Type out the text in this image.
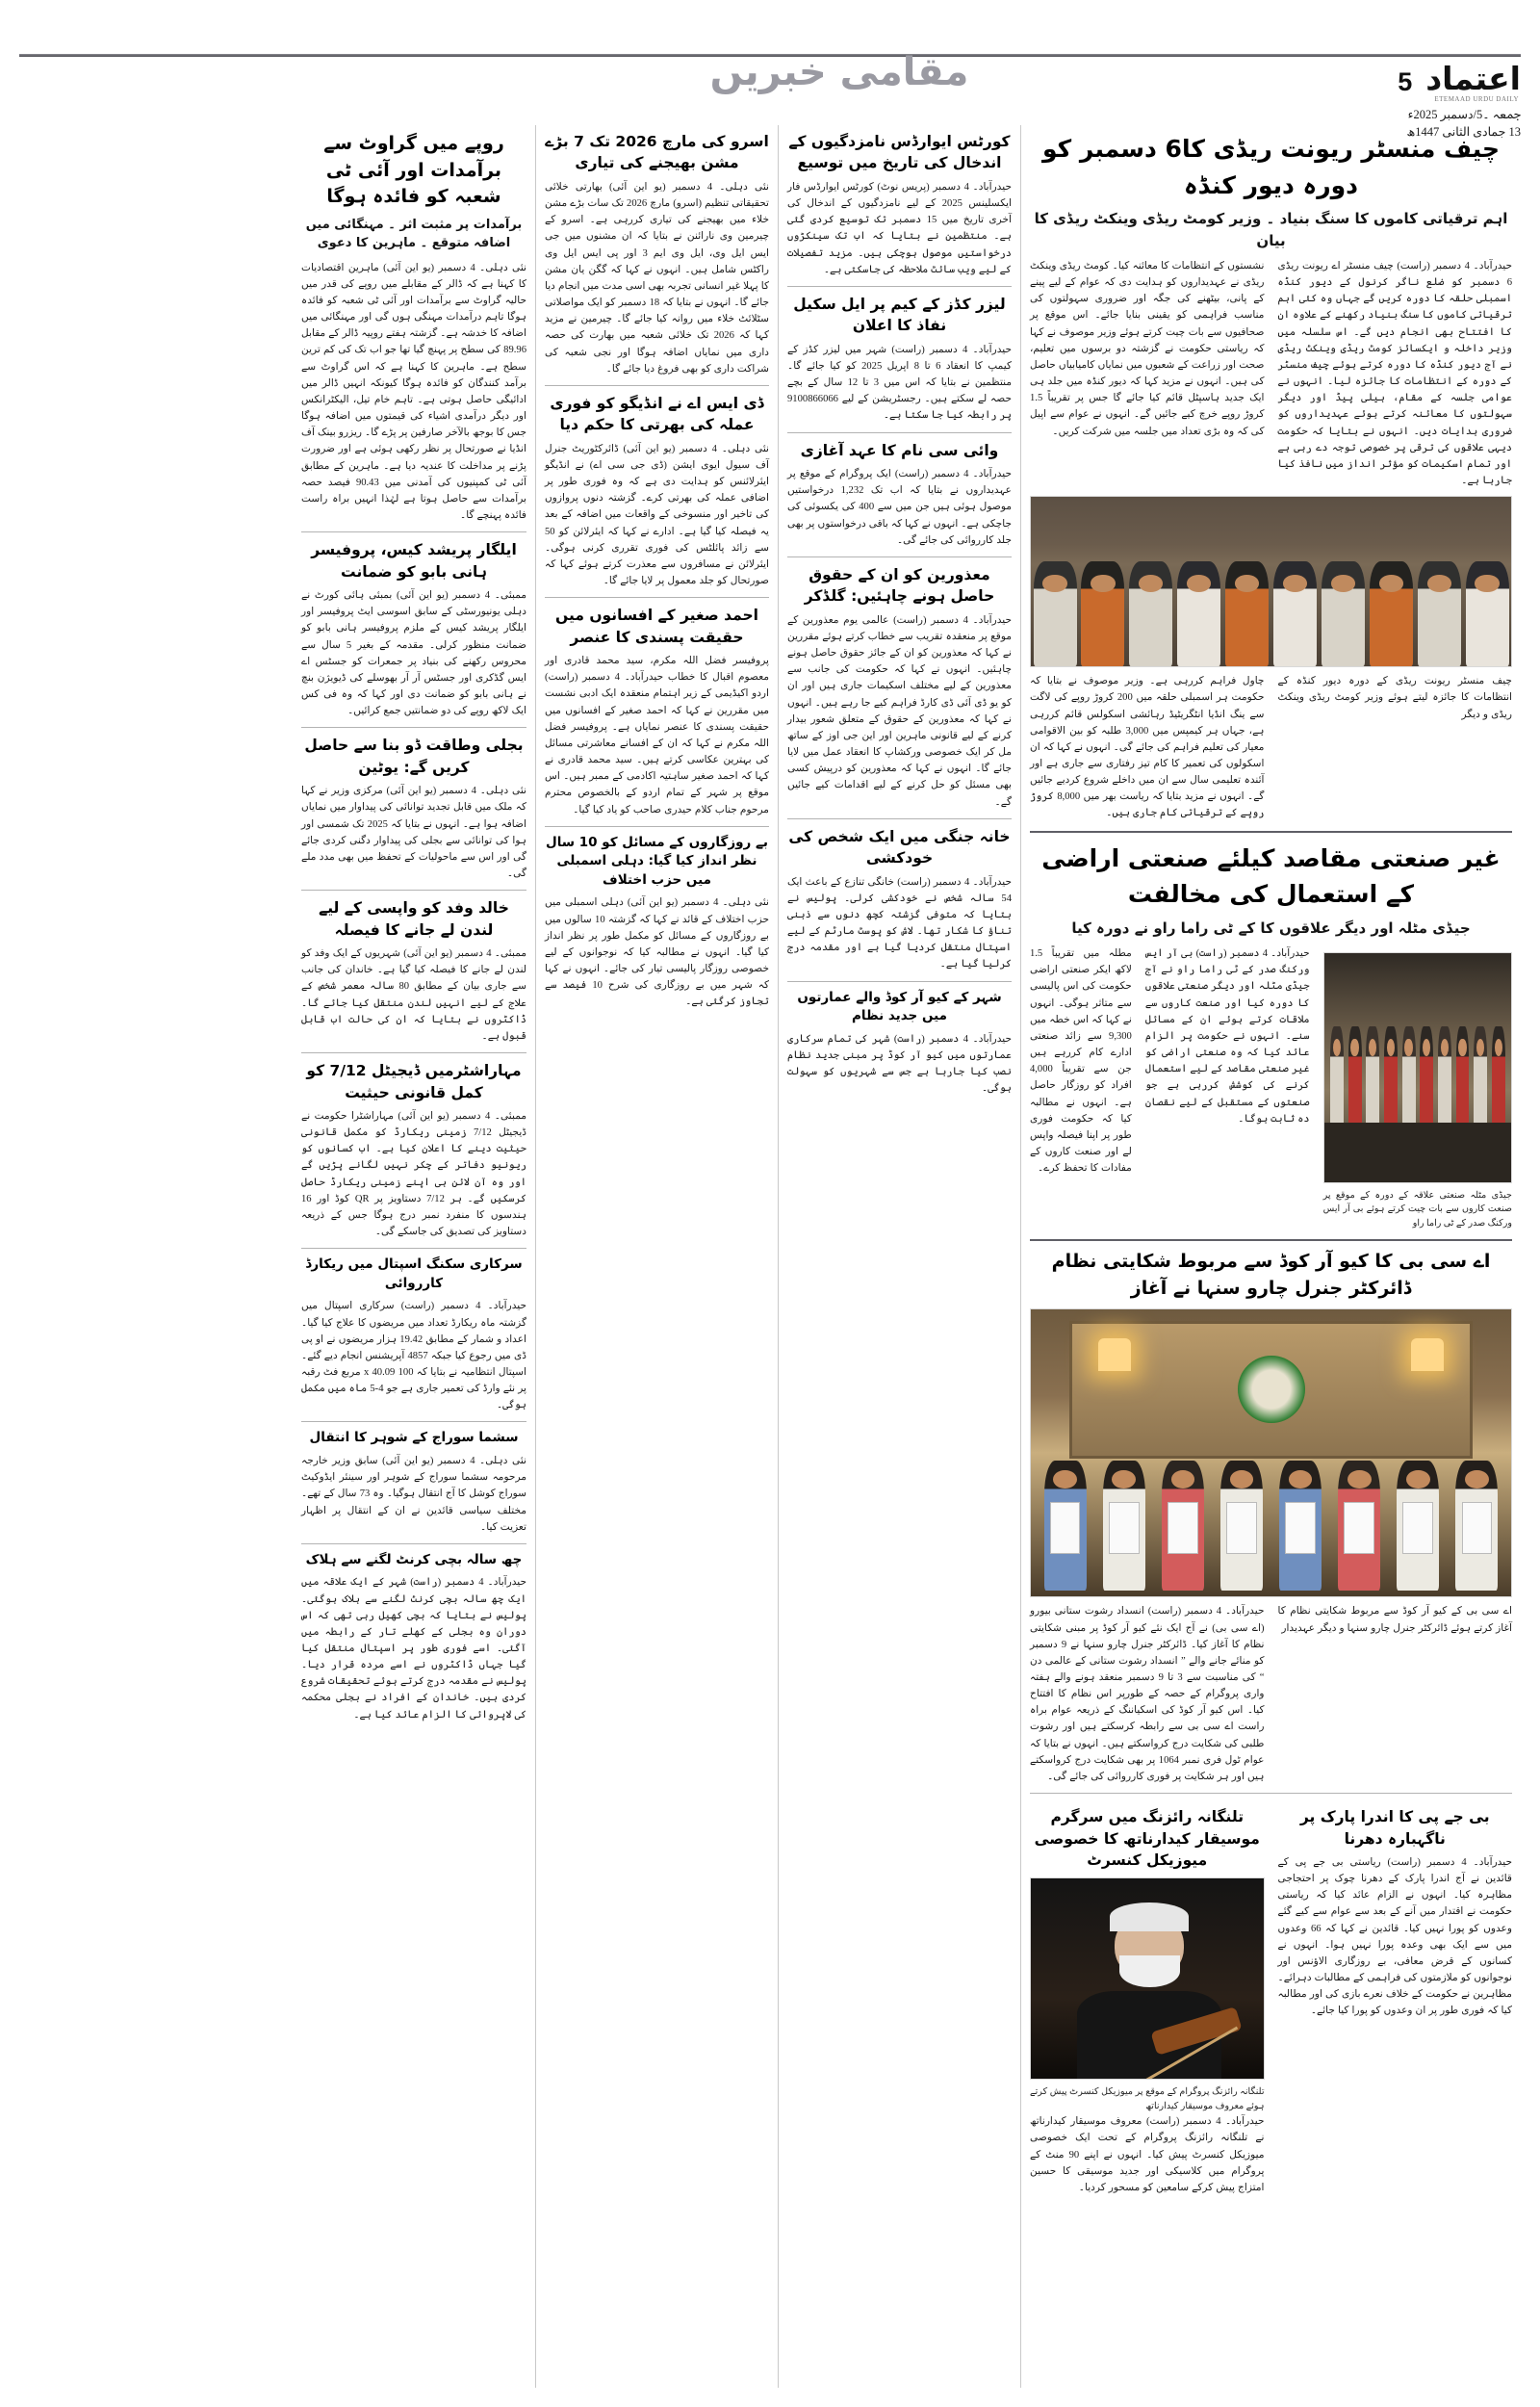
اعتماد
5
ETEMAAD URDU DAILY
جمعہ ۔5/دسمبر 2025ء
13 جمادی الثانی 1447ھ
مقامی خبریں
چیف منسٹر ریونت ریڈی کا6 دسمبر کو دورہ دیور کنڈہ
اہم ترقیاتی کاموں کا سنگ بنیاد ۔ وزیر کومٹ ریڈی وینکٹ ریڈی کا بیان
حیدرآباد۔ 4 دسمبر (راست) چیف منسٹر اے ریونت ریڈی 6 دسمبر کو ضلع ناگر کرنول کے دیور کنڈہ اسمبلی حلقہ کا دورہ کریں گے جہاں وہ کئی اہم ترقیاتی کاموں کا سنگ بنیاد رکھنے کے علاوہ ان کا افتتاح بھی انجام دیں گے۔ اس سلسلہ میں وزیر داخلہ و ایکسائز کومٹ ریڈی وینکٹ ریڈی نے آج دیور کنڈہ کا دورہ کرتے ہوئے چیف منسٹر کے دورہ کے انتظامات کا جائزہ لیا۔ انہوں نے عوامی جلسہ کے مقام، ہیلی پیڈ اور دیگر سہولتوں کا معائنہ کرتے ہوئے عہدیداروں کو ضروری ہدایات دیں۔ انہوں نے بتایا کہ حکومت دیہی علاقوں کی ترقی پر خصوصی توجہ دے رہی ہے اور تمام اسکیمات کو مؤثر انداز میں نافذ کیا جارہا ہے۔
نشستوں کے انتظامات کا معائنہ کیا۔ کومٹ ریڈی وینکٹ ریڈی نے عہدیداروں کو ہدایت دی کہ عوام کے لیے پینے کے پانی، بیٹھنے کی جگہ اور ضروری سہولتوں کی مناسب فراہمی کو یقینی بنایا جائے۔ اس موقع پر صحافیوں سے بات چیت کرتے ہوئے وزیر موصوف نے کہا کہ ریاستی حکومت نے گزشتہ دو برسوں میں تعلیم، صحت اور زراعت کے شعبوں میں نمایاں کامیابیاں حاصل کی ہیں۔ انہوں نے مزید کہا کہ دیور کنڈہ میں جلد ہی ایک جدید ہاسپٹل قائم کیا جائے گا جس پر تقریباً 1.5 کروڑ روپے خرچ کیے جائیں گے۔ انہوں نے عوام سے اپیل کی کہ وہ بڑی تعداد میں جلسہ میں شرکت کریں۔
چیف منسٹر ریونت ریڈی کے دورہ دیور کنڈہ کے انتظامات کا جائزہ لیتے ہوئے وزیر کومٹ ریڈی وینکٹ ریڈی و دیگر
چاول فراہم کررہی ہے۔ وزیر موصوف نے بتایا کہ حکومت ہر اسمبلی حلقہ میں 200 کروڑ روپے کی لاگت سے ینگ انڈیا انٹگریٹیڈ رہائشی اسکولس قائم کررہی ہے، جہاں ہر کیمپس میں 3,000 طلبہ کو بین الاقوامی معیار کی تعلیم فراہم کی جائے گی۔ انہوں نے کہا کہ ان اسکولوں کی تعمیر کا کام تیز رفتاری سے جاری ہے اور آئندہ تعلیمی سال سے ان میں داخلے شروع کردیے جائیں گے۔ انہوں نے مزید بتایا کہ ریاست بھر میں 8,000 کروڑ روپے کے ترقیاتی کام جاری ہیں۔
غیر صنعتی مقاصد کیلئے صنعتی اراضی کے استعمال کی مخالفت
جیڈی مٹلہ اور دیگر علاقوں کا کے ٹی راما راو نے دورہ کیا
جیڈی مٹلہ صنعتی علاقہ کے دورہ کے موقع پر صنعت کاروں سے بات چیت کرتے ہوئے بی آر ایس ورکنگ صدر کے ٹی راما راو
حیدرآباد۔ 4 دسمبر (راست) بی آر ایس ورکنگ صدر کے ٹی راما راو نے آج جیڈی مٹلہ اور دیگر صنعتی علاقوں کا دورہ کیا اور صنعت کاروں سے ملاقات کرتے ہوئے ان کے مسائل سنے۔ انہوں نے حکومت پر الزام عائد کیا کہ وہ صنعتی اراضی کو غیر صنعتی مقاصد کے لیے استعمال کرنے کی کوشش کررہی ہے جو صنعتوں کے مستقبل کے لیے نقصان دہ ثابت ہوگا۔
مطلہ میں تقریباً 1.5 لاکھ ایکر صنعتی اراضی حکومت کی اس پالیسی سے متاثر ہوگی۔ انہوں نے کہا کہ اس خطہ میں 9,300 سے زائد صنعتی ادارے کام کررہے ہیں جن سے تقریباً 4,000 افراد کو روزگار حاصل ہے۔ انہوں نے مطالبہ کیا کہ حکومت فوری طور پر اپنا فیصلہ واپس لے اور صنعت کاروں کے مفادات کا تحفظ کرے۔
اے سی بی کا کیو آر کوڈ سے مربوط شکایتی نظام ڈائرکٹر جنرل چارو سنہا نے آغاز
اے سی بی کے کیو آر کوڈ سے مربوط شکایتی نظام کا آغاز کرتے ہوئے ڈائرکٹر جنرل چارو سنہا و دیگر عہدیدار
حیدرآباد۔ 4 دسمبر (راست) انسداد رشوت ستانی بیورو (اے سی بی) نے آج ایک نئے کیو آر کوڈ پر مبنی شکایتی نظام کا آغاز کیا۔ ڈائرکٹر جنرل چارو سنہا نے 9 دسمبر کو منائے جانے والے ” انسداد رشوت ستانی کے عالمی دن “ کی مناسبت سے 3 تا 9 دسمبر منعقد ہونے والے ہفتہ واری پروگرام کے حصہ کے طورپر اس نظام کا افتتاح کیا۔ اس کیو آر کوڈ کی اسکیاننگ کے ذریعہ عوام براہ راست اے سی بی سے رابطہ کرسکتے ہیں اور رشوت طلبی کی شکایت درج کرواسکتے ہیں۔ انہوں نے بتایا کہ عوام ٹول فری نمبر 1064 پر بھی شکایت درج کرواسکتے ہیں اور ہر شکایت پر فوری کارروائی کی جائے گی۔
بی جے پی کا اندرا پارک پر ناگہبارہ دھرنا
حیدرآباد۔ 4 دسمبر (راست) ریاستی بی جے پی کے قائدین نے آج اندرا پارک کے دھرنا چوک پر احتجاجی مظاہرہ کیا۔ انہوں نے الزام عائد کیا کہ ریاستی حکومت نے اقتدار میں آنے کے بعد سے عوام سے کیے گئے وعدوں کو پورا نہیں کیا۔ قائدین نے کہا کہ 66 وعدوں میں سے ایک بھی وعدہ پورا نہیں ہوا۔ انہوں نے کسانوں کے قرض معافی، بے روزگاری الاؤنس اور نوجوانوں کو ملازمتوں کی فراہمی کے مطالبات دہرائے۔ مظاہرین نے حکومت کے خلاف نعرے بازی کی اور مطالبہ کیا کہ فوری طور پر ان وعدوں کو پورا کیا جائے۔
تلنگانہ رائزنگ میں سرگرم موسیقار کیدارناتھ کا خصوصی میوزیکل کنسرٹ
تلنگانہ رائزنگ پروگرام کے موقع پر میوزیکل کنسرٹ پیش کرتے ہوئے معروف موسیقار کیدارناتھ
حیدرآباد۔ 4 دسمبر (راست) معروف موسیقار کیدارناتھ نے تلنگانہ رائزنگ پروگرام کے تحت ایک خصوصی میوزیکل کنسرٹ پیش کیا۔ انہوں نے اپنے 90 منٹ کے پروگرام میں کلاسیکی اور جدید موسیقی کا حسین امتزاج پیش کرکے سامعین کو مسحور کردیا۔
کورٹس ایوارڈس نامزدگیوں کے اندخال کی تاریخ میں توسیع
حیدرآباد۔ 4 دسمبر (پریس نوٹ) کورٹس ایوارڈس فار ایکسلینس 2025 کے لیے نامزدگیوں کے اندخال کی آخری تاریخ میں 15 دسمبر تک توسیع کردی گئی ہے۔ منتظمین نے بتایا کہ اب تک سینکڑوں درخواستیں موصول ہوچکی ہیں۔ مزید تفصیلات کے لیے ویب سائٹ ملاحظہ کی جاسکتی ہے۔
لیزر کڈز کے کیم پر ایل سکیل نفاذ کا اعلان
حیدرآباد۔ 4 دسمبر (راست) شہر میں لیزر کڈز کے کیمپ کا انعقاد 6 تا 8 اپریل 2025 کو کیا جائے گا۔ منتظمین نے بتایا کہ اس میں 3 تا 12 سال کے بچے حصہ لے سکتے ہیں۔ رجسٹریشن کے لیے 9100866066 پر رابطہ کیا جا سکتا ہے۔
وائی سی نام کا عہد آغازی
حیدرآباد۔ 4 دسمبر (راست) ایک پروگرام کے موقع پر عہدیداروں نے بتایا کہ اب تک 1,232 درخواستیں موصول ہوئی ہیں جن میں سے 400 کی یکسوئی کی جاچکی ہے۔ انہوں نے کہا کہ باقی درخواستوں پر بھی جلد کارروائی کی جائے گی۔
معذورین کو ان کے حقوق حاصل ہونے چاہئیں: گلڈکر
حیدرآباد۔ 4 دسمبر (راست) عالمی یوم معذورین کے موقع پر منعقدہ تقریب سے خطاب کرتے ہوئے مقررین نے کہا کہ معذورین کو ان کے جائز حقوق حاصل ہونے چاہئیں۔ انہوں نے کہا کہ حکومت کی جانب سے معذورین کے لیے مختلف اسکیمات جاری ہیں اور ان کو یو ڈی آئی ڈی کارڈ فراہم کیے جا رہے ہیں۔ انہوں نے کہا کہ معذورین کے حقوق کے متعلق شعور بیدار کرنے کے لیے قانونی ماہرین اور این جی اوز کے ساتھ مل کر ایک خصوصی ورکشاپ کا انعقاد عمل میں لایا جائے گا۔ انہوں نے کہا کہ معذورین کو درپیش کسی بھی مسئل کو حل کرنے کے لیے اقدامات کیے جائیں گے۔
خانہ جنگی میں ایک شخص کی خودکشی
حیدرآباد۔ 4 دسمبر (راست) خانگی تنازع کے باعث ایک 54 سالہ شخص نے خودکشی کرلی۔ پولیس نے بتایا کہ متوفی گزشتہ کچھ دنوں سے ذہنی تناؤ کا شکار تھا۔ لاش کو پوسٹ مارٹم کے لیے اسپتال منتقل کردیا گیا ہے اور مقدمہ درج کرلیا گیا ہے۔
شہر کے کیو آر کوڈ والے عمارتوں میں جدید نظام
حیدرآباد۔ 4 دسمبر (راست) شہر کی تمام سرکاری عمارتوں میں کیو آر کوڈ پر مبنی جدید نظام نصب کیا جارہا ہے جس سے شہریوں کو سہولت ہوگی۔
اسرو کی مارچ 2026 تک 7 بڑے مشن بھیجنے کی تیاری
نئی دہلی۔ 4 دسمبر (یو این آئی) بھارتی خلائی تحقیقاتی تنظیم (اسرو) مارچ 2026 تک سات بڑے مشن خلاء میں بھیجنے کی تیاری کررہی ہے۔ اسرو کے چیرمین وی نارائنن نے بتایا کہ ان مشنوں میں جی ایس ایل وی، ایل وی ایم 3 اور پی ایس ایل وی راکٹس شامل ہیں۔ انہوں نے کہا کہ گگن یان مشن کا پہلا غیر انسانی تجربہ بھی اسی مدت میں انجام دیا جائے گا۔ انہوں نے بتایا کہ 18 دسمبر کو ایک مواصلاتی سٹلائٹ خلاء میں روانہ کیا جائے گا۔ چیرمین نے مزید کہا کہ 2026 تک خلائی شعبہ میں بھارت کی حصہ داری میں نمایاں اضافہ ہوگا اور نجی شعبہ کی شراکت داری کو بھی فروغ دیا جائے گا۔
ڈی ایس اے نے انڈیگو کو فوری عملہ کی بھرتی کا حکم دیا
نئی دہلی۔ 4 دسمبر (یو این آئی) ڈائرکٹوریٹ جنرل آف سیول ایوی ایشن (ڈی جی سی اے) نے انڈیگو ایئرلائنس کو ہدایت دی ہے کہ وہ فوری طور پر اضافی عملہ کی بھرتی کرے۔ گزشتہ دنوں پروازوں کی تاخیر اور منسوخی کے واقعات میں اضافہ کے بعد یہ فیصلہ کیا گیا ہے۔ ادارے نے کہا کہ ایئرلائن کو 50 سے زائد پائلٹس کی فوری تقرری کرنی ہوگی۔ ایئرلائن نے مسافروں سے معذرت کرتے ہوئے کہا کہ صورتحال کو جلد معمول پر لایا جائے گا۔
احمد صغیر کے افسانوں میں حقیقت پسندی کا عنصر
پروفیسر فضل اللہ مکرم، سید محمد قادری اور معصوم اقبال کا خطاب حیدرآباد۔ 4 دسمبر (راست) اردو اکیڈیمی کے زیر اہتمام منعقدہ ایک ادبی نشست میں مقررین نے کہا کہ احمد صغیر کے افسانوں میں حقیقت پسندی کا عنصر نمایاں ہے۔ پروفیسر فضل اللہ مکرم نے کہا کہ ان کے افسانے معاشرتی مسائل کی بہترین عکاسی کرتے ہیں۔ سید محمد قادری نے کہا کہ احمد صغیر ساہتیہ اکادمی کے ممبر ہیں۔ اس موقع پر شہر کے تمام اردو کے بالخصوص محترم مرحوم جناب کلام حیدری صاحب کو یاد کیا گیا۔
بے روزگاروں کے مسائل کو 10 سال نظر انداز کیا گیا: دہلی اسمبلی میں حزب اختلاف
نئی دہلی۔ 4 دسمبر (یو این آئی) دہلی اسمبلی میں حزب اختلاف کے قائد نے کہا کہ گزشتہ 10 سالوں میں بے روزگاروں کے مسائل کو مکمل طور پر نظر انداز کیا گیا۔ انہوں نے مطالبہ کیا کہ نوجوانوں کے لیے خصوصی روزگار پالیسی تیار کی جائے۔ انہوں نے کہا کہ شہر میں بے روزگاری کی شرح 10 فیصد سے تجاوز کرگئی ہے۔
روپے میں گراوٹ سے برآمدات اور آئی ٹی شعبہ کو فائدہ ہوگا
برآمدات پر مثبت اثر ۔ مہنگائی میں اضافہ متوقع ۔ ماہرین کا دعوی
نئی دہلی۔ 4 دسمبر (یو این آئی) ماہرین اقتصادیات کا کہنا ہے کہ ڈالر کے مقابلے میں روپے کی قدر میں حالیہ گراوٹ سے برآمدات اور آئی ٹی شعبہ کو فائدہ ہوگا تاہم درآمدات مہنگی ہوں گی اور مہنگائی میں اضافہ کا خدشہ ہے۔ گزشتہ ہفتے روپیہ ڈالر کے مقابل 89.96 کی سطح پر پہنچ گیا تھا جو اب تک کی کم ترین سطح ہے۔ ماہرین کا کہنا ہے کہ اس گراوٹ سے برآمد کنندگان کو فائدہ ہوگا کیونکہ انہیں ڈالر میں ادائیگی حاصل ہوتی ہے۔ تاہم خام تیل، الیکٹرانکس اور دیگر درآمدی اشیاء کی قیمتوں میں اضافہ ہوگا جس کا بوجھ بالآخر صارفین پر پڑے گا۔ ریزرو بینک آف انڈیا نے صورتحال پر نظر رکھی ہوئی ہے اور ضرورت پڑنے پر مداخلت کا عندیہ دیا ہے۔ ماہرین کے مطابق آئی ٹی کمپنیوں کی آمدنی میں 90.43 فیصد حصہ برآمدات سے حاصل ہوتا ہے لہٰذا انہیں براہ راست فائدہ پہنچے گا۔
ایلگار پریشد کیس، پروفیسر ہانی بابو کو ضمانت
ممبئی۔ 4 دسمبر (یو این آئی) بمبئی ہائی کورٹ نے دہلی یونیورسٹی کے سابق اسوسی ایٹ پروفیسر اور ایلگار پریشد کیس کے ملزم پروفیسر ہانی بابو کو ضمانت منظور کرلی۔ مقدمہ کے بغیر 5 سال سے محروس رکھنے کی بنیاد پر جمعرات کو جسٹس اے ایس گڈکری اور جسٹس آر آر بھوسلے کی ڈیویژن بنچ نے ہانی بابو کو ضمانت دی اور کہا کہ وہ فی کس ایک لاکھ روپے کی دو ضمانتیں جمع کرائیں۔
بجلی وطاقت ڈو بنا سے حاصل کریں گے: یوٹین
نئی دہلی۔ 4 دسمبر (یو این آئی) مرکزی وزیر نے کہا کہ ملک میں قابل تجدید توانائی کی پیداوار میں نمایاں اضافہ ہوا ہے۔ انہوں نے بتایا کہ 2025 تک شمسی اور ہوا کی توانائی سے بجلی کی پیداوار دگنی کردی جائے گی اور اس سے ماحولیات کے تحفظ میں بھی مدد ملے گی۔
خالد وفد کو واپسی کے لیے لندن لے جانے کا فیصلہ
ممبئی۔ 4 دسمبر (یو این آئی) شہریوں کے ایک وفد کو لندن لے جانے کا فیصلہ کیا گیا ہے۔ خاندان کی جانب سے جاری بیان کے مطابق 80 سالہ معمر شخص کے علاج کے لیے انہیں لندن منتقل کیا جائے گا۔ ڈاکٹروں نے بتایا کہ ان کی حالت اب قابل قبول ہے۔
مہاراشٹرمیں ڈیجیٹل 7/12 کو کمل قانونی حیثیت
ممبئی۔ 4 دسمبر (یو این آئی) مہاراشٹرا حکومت نے ڈیجیٹل 7/12 زمینی ریکارڈ کو مکمل قانونی حیثیت دینے کا اعلان کیا ہے۔ اب کسانوں کو ریونیو دفاتر کے چکر نہیں لگانے پڑیں گے اور وہ آن لائن ہی اپنے زمینی ریکارڈ حاصل کرسکیں گے۔ ہر 7/12 دستاویز پر QR کوڈ اور 16 ہندسوں کا منفرد نمبر درج ہوگا جس کے ذریعہ دستاویز کی تصدیق کی جاسکے گی۔
سرکاری سکنگ اسپتال میں ریکارڈ کارروائی
حیدرآباد۔ 4 دسمبر (راست) سرکاری اسپتال میں گزشتہ ماہ ریکارڈ تعداد میں مریضوں کا علاج کیا گیا۔ اعداد و شمار کے مطابق 19.42 ہزار مریضوں نے او پی ڈی میں رجوع کیا جبکہ 4857 آپریشنس انجام دیے گئے۔ اسپتال انتظامیہ نے بتایا کہ 100 x 40.09 مربع فٹ رقبہ پر نئے وارڈ کی تعمیر جاری ہے جو 4-5 ماہ میں مکمل ہوگی۔
سشما سوراج کے شوہر کا انتقال
نئی دہلی۔ 4 دسمبر (یو این آئی) سابق وزیر خارجہ مرحومہ سشما سوراج کے شوہر اور سینئر ایڈوکیٹ سوراج کوشل کا آج انتقال ہوگیا۔ وہ 73 سال کے تھے۔ مختلف سیاسی قائدین نے ان کے انتقال پر اظہار تعزیت کیا۔
چھ سالہ بچی کرنٹ لگنے سے ہلاک
حیدرآباد۔ 4 دسمبر (راست) شہر کے ایک علاقہ میں ایک چھ سالہ بچی کرنٹ لگنے سے ہلاک ہوگئی۔ پولیس نے بتایا کہ بچی کھیل رہی تھی کہ اس دوران وہ بجلی کے کھلے تار کے رابطہ میں آگئی۔ اسے فوری طور پر اسپتال منتقل کیا گیا جہاں ڈاکٹروں نے اسے مردہ قرار دیا۔ پولیس نے مقدمہ درج کرتے ہوئے تحقیقات شروع کردی ہیں۔ خاندان کے افراد نے بجلی محکمہ کی لاپروائی کا الزام عائد کیا ہے۔
